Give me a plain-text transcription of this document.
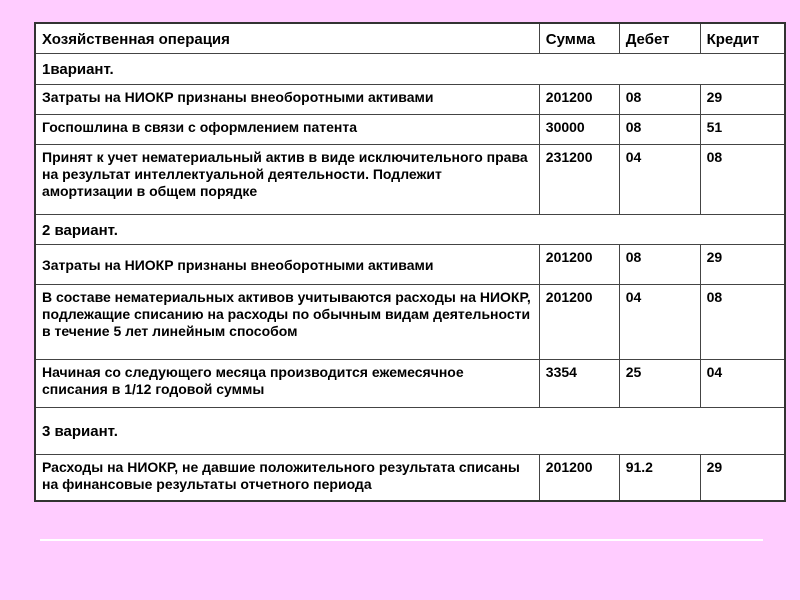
Хозяйственная операция	Сумма	Дебет	Кредит
1вариант.			
Затраты на НИОКР признаны внеоборотными активами	201200	08	29
Госпошлина в связи с оформлением патента	30000	08	51
Принят к учет нематериальный актив в виде исключительного права на результат интеллектуальной деятельности. Подлежит амортизации в общем порядке	231200	04	08
2 вариант.			
Затраты на НИОКР признаны внеоборотными активами	201200	08	29
В составе нематериальных активов учитываются расходы на НИОКР, подлежащие списанию на расходы по обычным видам деятельности в течение 5 лет линейным способом	201200	04	08
Начиная со следующего месяца производится ежемесячное списания в 1/12 годовой суммы	3354	25	04
3 вариант.			
Расходы на НИОКР, не давшие положительного результата списаны на финансовые результаты отчетного периода	201200	91.2	29
